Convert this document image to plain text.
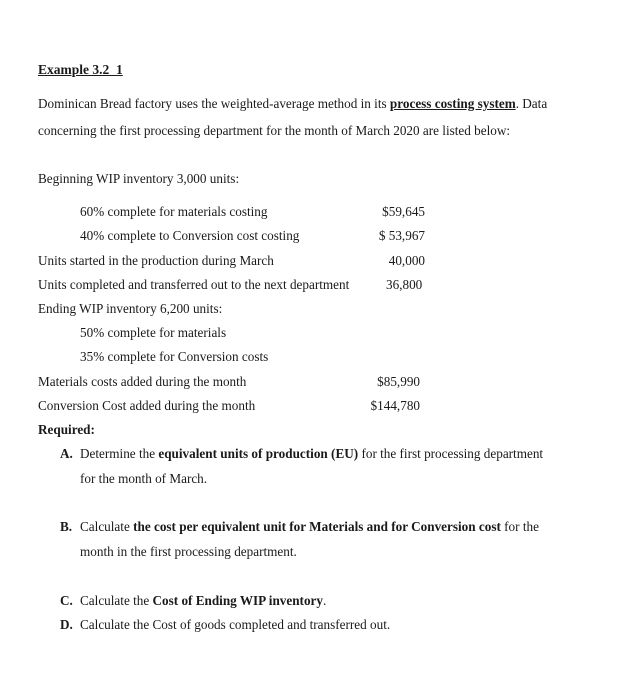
Example 3.2_1
Dominican Bread factory uses the weighted-average method in its process costing system. Data
concerning the first processing department for the month of March 2020 are listed below:
Beginning WIP inventory 3,000 units:
60% complete for materials costing	$59,645
40% complete to Conversion cost costing	$ 53,967
Units started in the production during March	40,000
Units completed and transferred out to the next department	36,800
Ending WIP inventory 6,200 units:
50% complete for materials
35% complete for Conversion costs
Materials costs added during the month	$85,990
Conversion Cost added during the month	$144,780
Required:
A. Determine the equivalent units of production (EU) for the first processing department
for the month of March.
B. Calculate the cost per equivalent unit for Materials and for Conversion cost for the
month in the first processing department.
C. Calculate the Cost of Ending WIP inventory.
D. Calculate the Cost of goods completed and transferred out.
